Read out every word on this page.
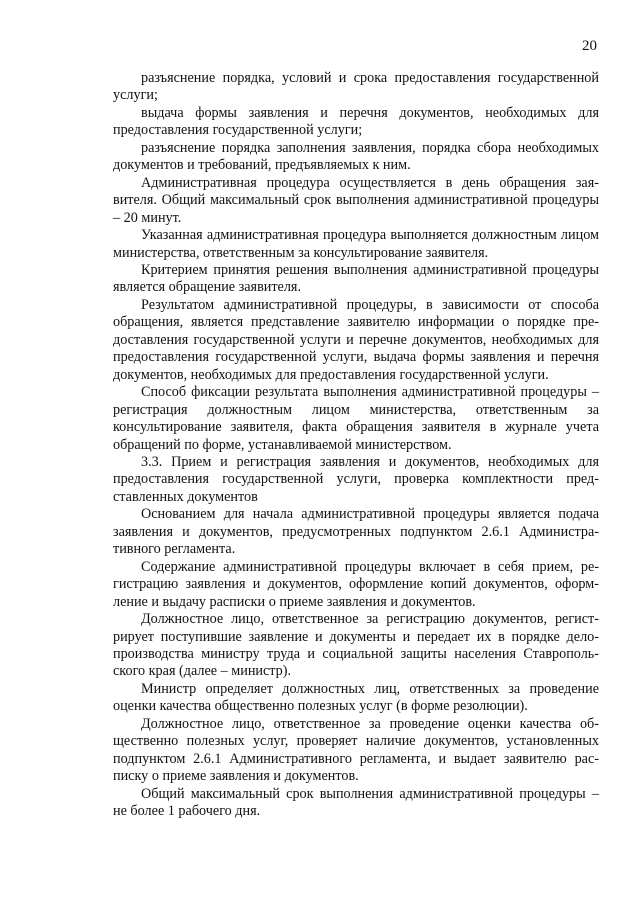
20

разъяснение порядка, условий и срока предоставления государственной услуги;

выдача формы заявления и перечня документов, необходимых для предоставления государственной услуги;

разъяснение порядка заполнения заявления, порядка сбора необходимых документов и требований, предъявляемых к ним.

Административная процедура осуществляется в день обращения заявителя. Общий максимальный срок выполнения административной процедуры – 20 минут.

Указанная административная процедура выполняется должностным лицом министерства, ответственным за консультирование заявителя.

Критерием принятия решения выполнения административной процедуры является обращение заявителя.

Результатом административной процедуры, в зависимости от способа обращения, является представление заявителю информации о порядке предоставления государственной услуги и перечне документов, необходимых для предоставления государственной услуги, выдача формы заявления и перечня документов, необходимых для предоставления государственной услуги.

Способ фиксации результата выполнения административной процедуры – регистрация должностным лицом министерства, ответственным за консультирование заявителя, факта обращения заявителя в журнале учета обращений по форме, устанавливаемой министерством.

3.3. Прием и регистрация заявления и документов, необходимых для предоставления государственной услуги, проверка комплектности представленных документов

Основанием для начала административной процедуры является подача заявления и документов, предусмотренных подпунктом 2.6.1 Административного регламента.

Содержание административной процедуры включает в себя прием, регистрацию заявления и документов, оформление копий документов, оформление и выдачу расписки о приеме заявления и документов.

Должностное лицо, ответственное за регистрацию документов, регистрирует поступившие заявление и документы и передает их в порядке делопроизводства министру труда и социальной защиты населения Ставропольского края (далее – министр).

Министр определяет должностных лиц, ответственных за проведение оценки качества общественно полезных услуг (в форме резолюции).

Должностное лицо, ответственное за проведение оценки качества общественно полезных услуг, проверяет наличие документов, установленных подпунктом 2.6.1 Административного регламента, и выдает заявителю расписку о приеме заявления и документов.

Общий максимальный срок выполнения административной процедуры – не более 1 рабочего дня.
